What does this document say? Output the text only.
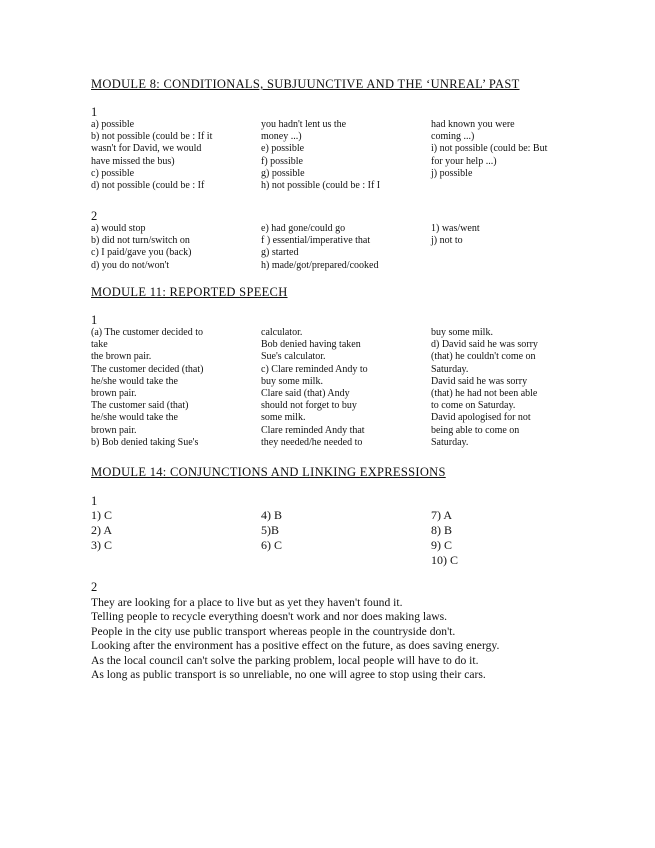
MODULE 8: CONDITIONALS, SUBJUUNCTIVE AND THE ‘UNREAL’ PAST
1
a) possible
b) not possible (could be : If it
wasn't for David, we would
have missed the bus)
c) possible
d) not possible (could be : If
you hadn't lent us the
money ...)
e) possible
f) possible
g) possible
h) not possible (could be : If I
had known you were
coming ...)
i) not possible (could be: But
for your help ...)
j) possible
2
a) would stop
b) did not turn/switch on
c) I paid/gave you (back)
d) you do not/won't
e) had gone/could go
f ) essential/imperative that
g) started
h) made/got/prepared/cooked
1) was/went
j) not to
MODULE 11: REPORTED SPEECH
1
(a) The customer decided to
take
the brown pair.
The customer decided (that)
he/she would take the
brown pair.
The customer said (that)
he/she would take the
brown pair.
b) Bob denied taking Sue's
calculator.
Bob denied having taken
Sue's calculator.
c) Clare reminded Andy to
buy some milk.
Clare said (that) Andy
should not forget to buy
some milk.
Clare reminded Andy that
they needed/he needed to
buy some milk.
d) David said he was sorry
(that) he couldn't come on
Saturday.
David said he was sorry
(that) he had not been able
to come on Saturday.
David apologised for not
being able to come on
Saturday.
MODULE 14: CONJUNCTIONS AND LINKING EXPRESSIONS
1
1) C
2) A
3) C
4) B
5)B
6) C
7) A
8) B
9) C
10) C
2
They are looking for a place to live but as yet they haven't found it.
Telling people to recycle everything doesn't work and nor does making laws.
People in the city use public transport whereas people in the countryside don't.
Looking after the environment has a positive effect on the future, as does saving energy.
As the local council can't solve the parking problem, local people will have to do it.
As long as public transport is so unreliable, no one will agree to stop using their cars.
